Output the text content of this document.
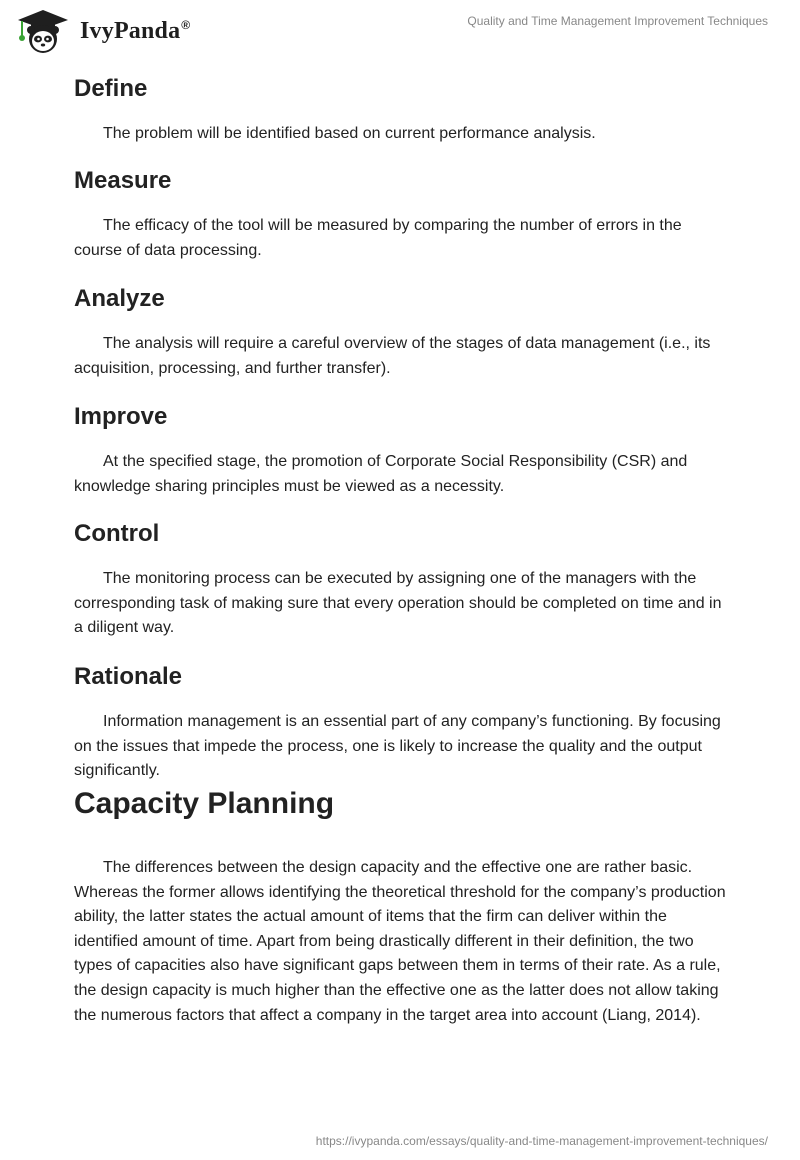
IvyPanda®	Quality and Time Management Improvement Techniques
Define

The problem will be identified based on current performance analysis.

Measure

The efficacy of the tool will be measured by comparing the number of errors in the course of data processing.

Analyze

The analysis will require a careful overview of the stages of data management (i.e., its acquisition, processing, and further transfer).

Improve

At the specified stage, the promotion of Corporate Social Responsibility (CSR) and knowledge sharing principles must be viewed as a necessity.

Control

The monitoring process can be executed by assigning one of the managers with the corresponding task of making sure that every operation should be completed on time and in a diligent way.

Rationale

Information management is an essential part of any company’s functioning. By focusing on the issues that impede the process, one is likely to increase the quality and the output significantly.

Capacity Planning

The differences between the design capacity and the effective one are rather basic. Whereas the former allows identifying the theoretical threshold for the company’s production ability, the latter states the actual amount of items that the firm can deliver within the identified amount of time. Apart from being drastically different in their definition, the two types of capacities also have significant gaps between them in terms of their rate. As a rule, the design capacity is much higher than the effective one as the latter does not allow taking the numerous factors that affect a company in the target area into account (Liang, 2014).

https://ivypanda.com/essays/quality-and-time-management-improvement-techniques/
